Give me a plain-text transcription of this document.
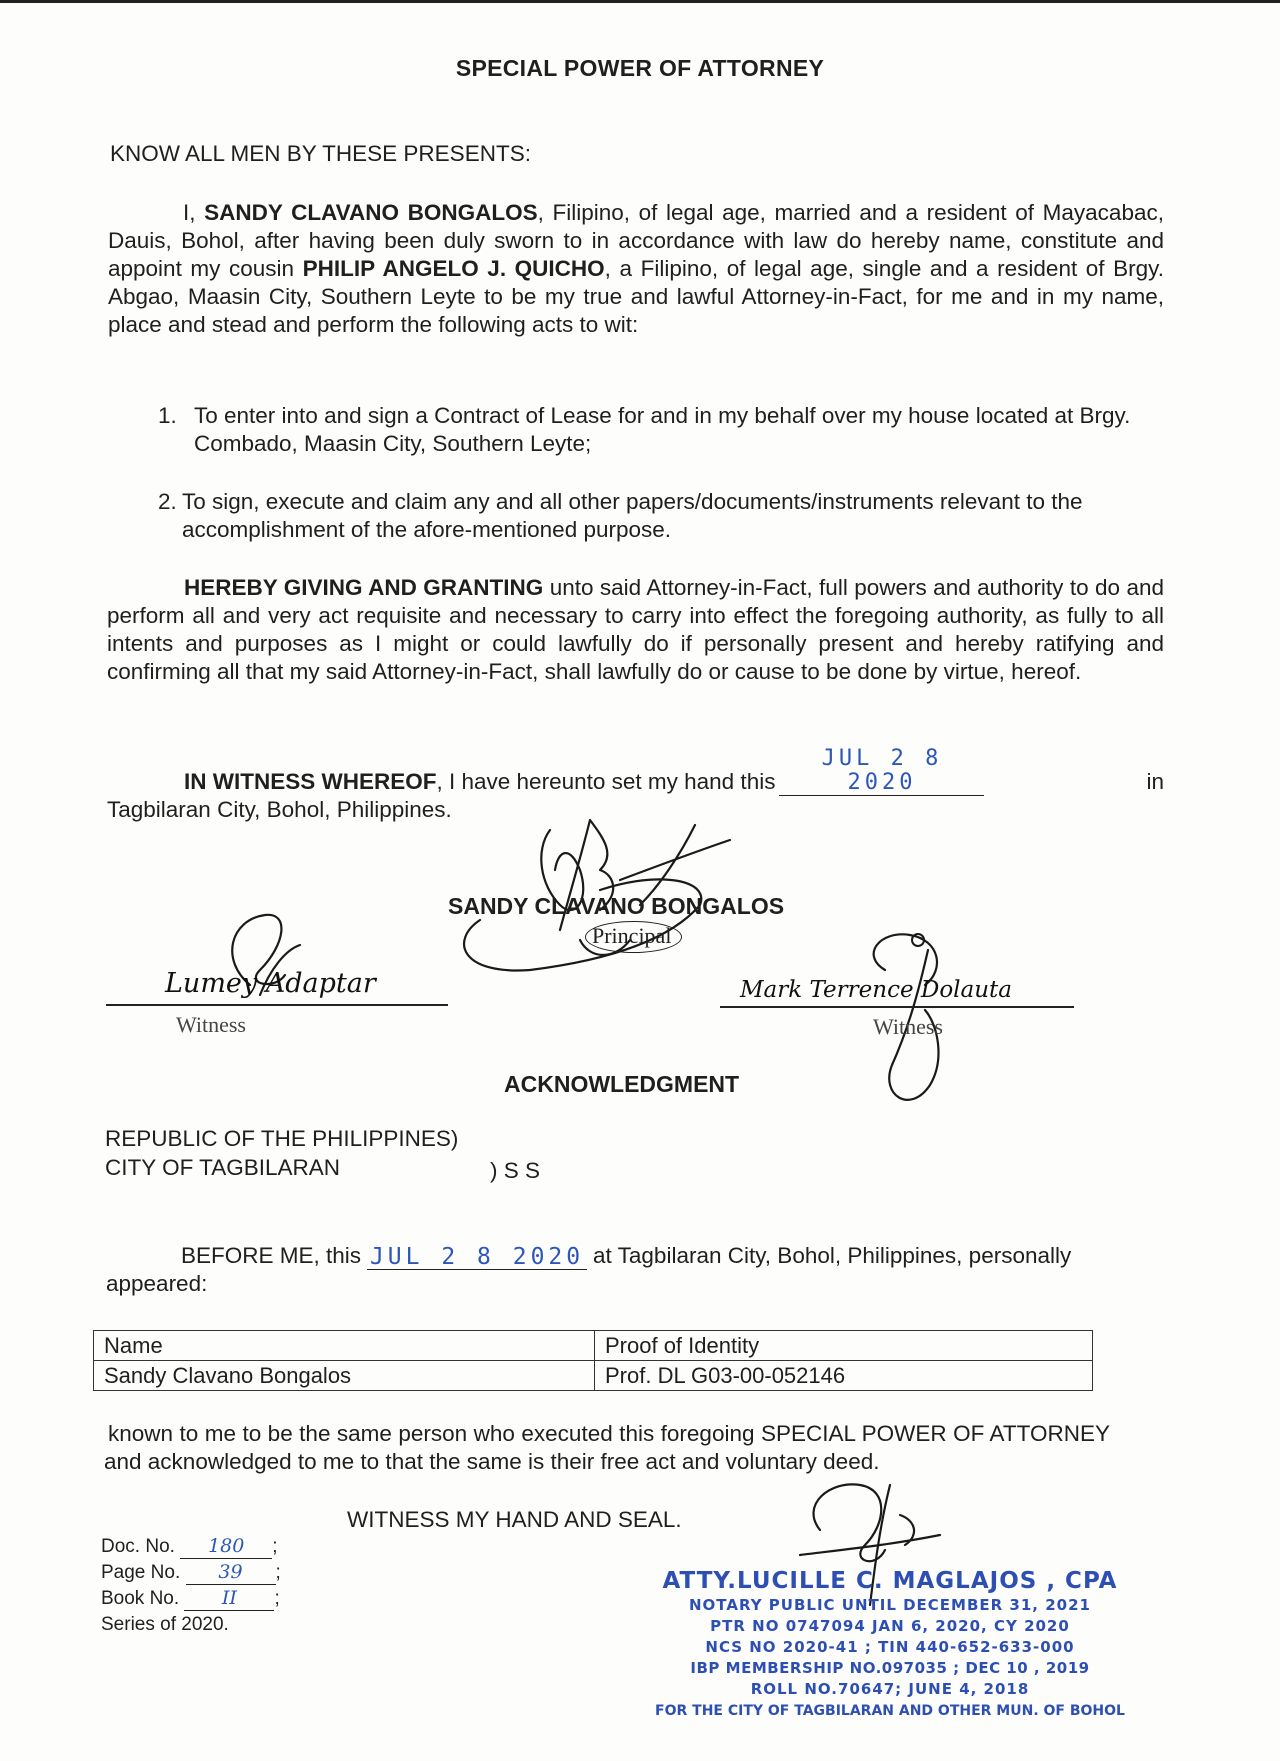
SPECIAL POWER OF ATTORNEY
KNOW ALL MEN BY THESE PRESENTS:
I, SANDY CLAVANO BONGALOS, Filipino, of legal age, married and a resident of Mayacabac, Dauis, Bohol, after having been duly sworn to in accordance with law do hereby name, constitute and appoint my cousin PHILIP ANGELO J. QUICHO, a Filipino, of legal age, single and a resident of Brgy. Abgao, Maasin City, Southern Leyte to be my true and lawful Attorney-in-Fact, for me and in my name, place and stead and perform the following acts to wit:
1. To enter into and sign a Contract of Lease for and in my behalf over my house located at Brgy. Combado, Maasin City, Southern Leyte;
2. To sign, execute and claim any and all other papers/documents/instruments relevant to the accomplishment of the afore-mentioned purpose.
HEREBY GIVING AND GRANTING unto said Attorney-in-Fact, full powers and authority to do and perform all and very act requisite and necessary to carry into effect the foregoing authority, as fully to all intents and purposes as I might or could lawfully do if personally present and hereby ratifying and confirming all that my said Attorney-in-Fact, shall lawfully do or cause to be done by virtue, hereof.
IN WITNESS WHEREOF , I have hereunto set my hand this
JUL 2 8 2020	in
Tagbilaran City, Bohol, Philippines.
SANDY CLAVANO BONGALOS
Principal
Lumey Adaptar
Witness
Mark Terrence Dolauta
Witness
ACKNOWLEDGMENT
REPUBLIC OF THE PHILIPPINES)
CITY OF TAGBILARAN	) S S
BEFORE ME, this JUL 2 8 2020 at Tagbilaran City, Bohol, Philippines, personally
appeared:
Name	Proof of Identity
Sandy Clavano Bongalos	Prof. DL G03-00-052146
known to me to be the same person who executed this foregoing SPECIAL POWER OF ATTORNEY and acknowledged to me to that the same is their free act and voluntary deed.
WITNESS MY HAND AND SEAL.
Doc. No. 180 ;
Page No. 39 ;
Book No. II ;
Series of 2020.
ATTY.LUCILLE C. MAGLAJOS , CPA
NOTARY PUBLIC UNTIL DECEMBER 31, 2021
PTR NO 0747094 JAN 6, 2020, CY 2020
NCS NO 2020-41 ; TIN 440-652-633-000
IBP MEMBERSHIP NO.097035 ; DEC 10 , 2019
ROLL NO.70647; JUNE 4, 2018
FOR THE CITY OF TAGBILARAN AND OTHER MUN. OF BOHOL
